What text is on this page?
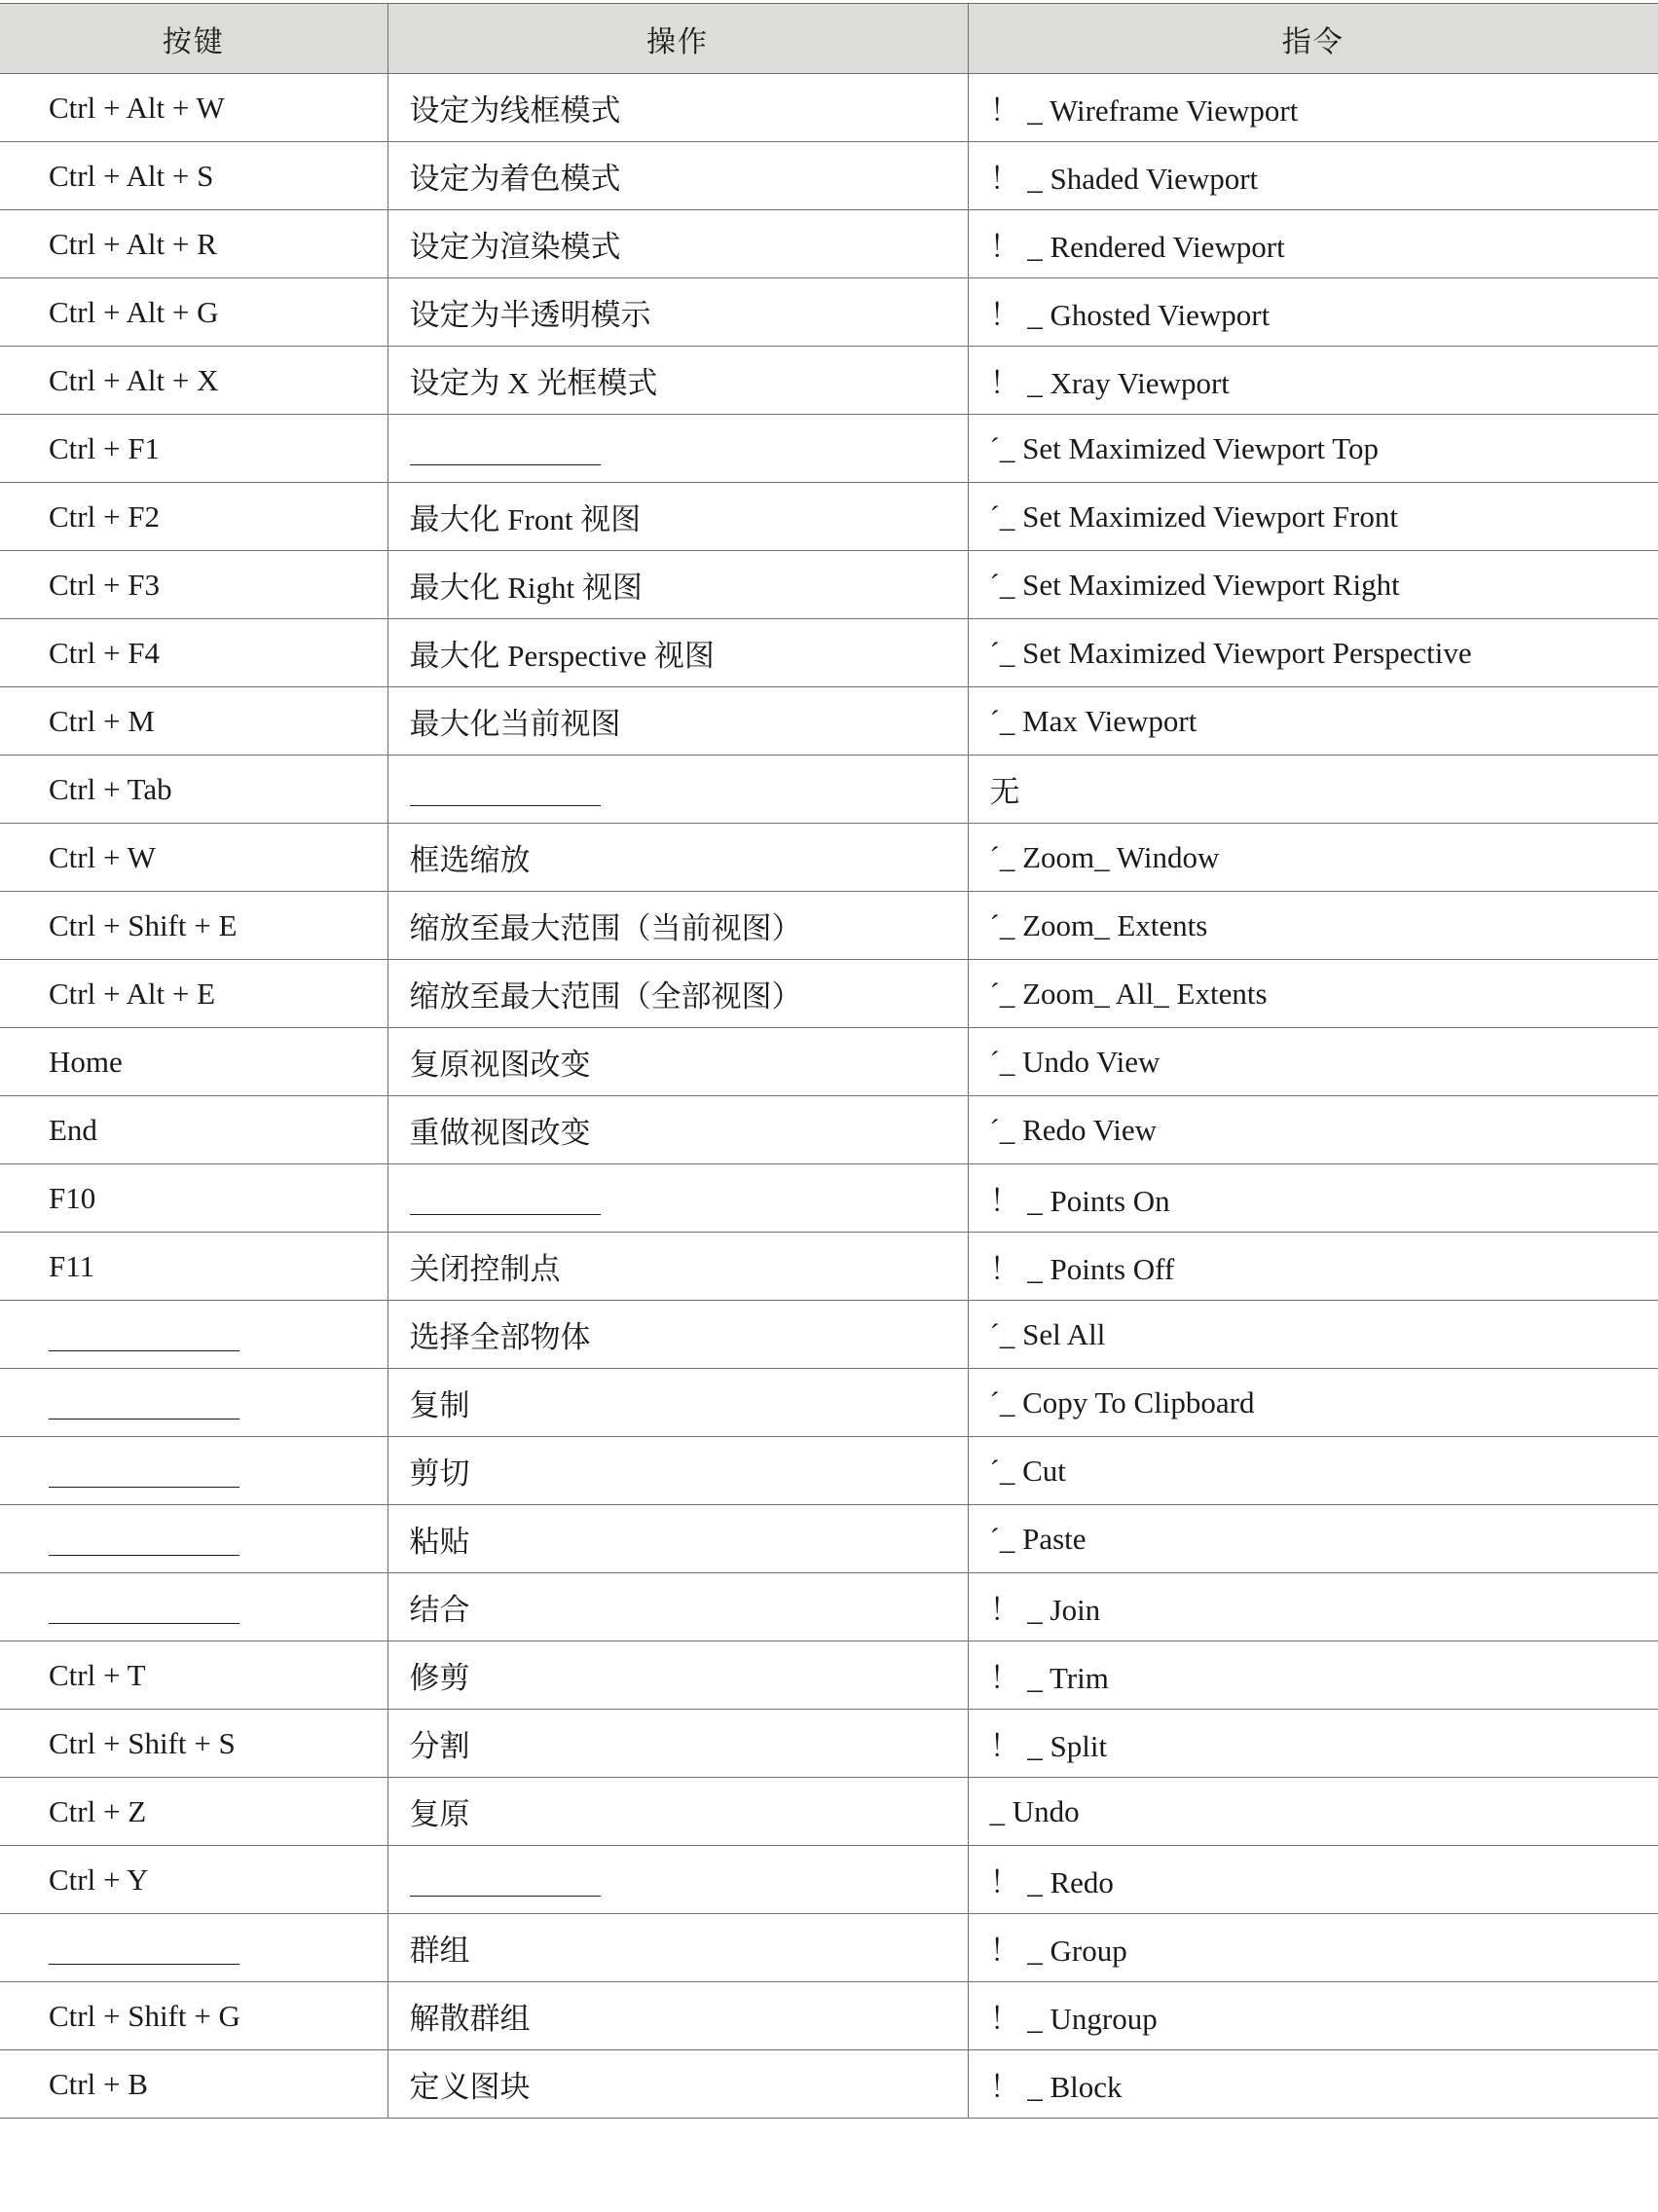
按键	操作	指令
Ctrl + Alt + W	设定为线框模式	！ _ Wireframe Viewport
Ctrl + Alt + S	设定为着色模式	！ _ Shaded Viewport
Ctrl + Alt + R	设定为渲染模式	！ _ Rendered Viewport
Ctrl + Alt + G	设定为半透明模示	！ _ Ghosted Viewport
Ctrl + Alt + X	设定为 X 光框模式	！ _ Xray Viewport
Ctrl + F1		ˊ_ Set Maximized Viewport Top
Ctrl + F2	最大化 Front 视图	ˊ_ Set Maximized Viewport Front
Ctrl + F3	最大化 Right 视图	ˊ_ Set Maximized Viewport Right
Ctrl + F4	最大化 Perspective 视图	ˊ_ Set Maximized Viewport Perspective
Ctrl + M	最大化当前视图	ˊ_ Max Viewport
Ctrl + Tab		无
Ctrl + W	框选缩放	ˊ_ Zoom_ Window
Ctrl + Shift + E	缩放至最大范围（当前视图）	ˊ_ Zoom_ Extents
Ctrl + Alt + E	缩放至最大范围（全部视图）	ˊ_ Zoom_ All_ Extents
Home	复原视图改变	ˊ_ Undo View
End	重做视图改变	ˊ_ Redo View
F10		！ _ Points On
F11	关闭控制点	！ _ Points Off
	选择全部物体	ˊ_ Sel All
	复制	ˊ_ Copy To Clipboard
	剪切	ˊ_ Cut
	粘贴	ˊ_ Paste
	结合	！ _ Join
Ctrl + T	修剪	！ _ Trim
Ctrl + Shift + S	分割	！ _ Split
Ctrl + Z	复原	_ Undo
Ctrl + Y		！ _ Redo
	群组	！ _ Group
Ctrl + Shift + G	解散群组	！ _ Ungroup
Ctrl + B	定义图块	！ _ Block
